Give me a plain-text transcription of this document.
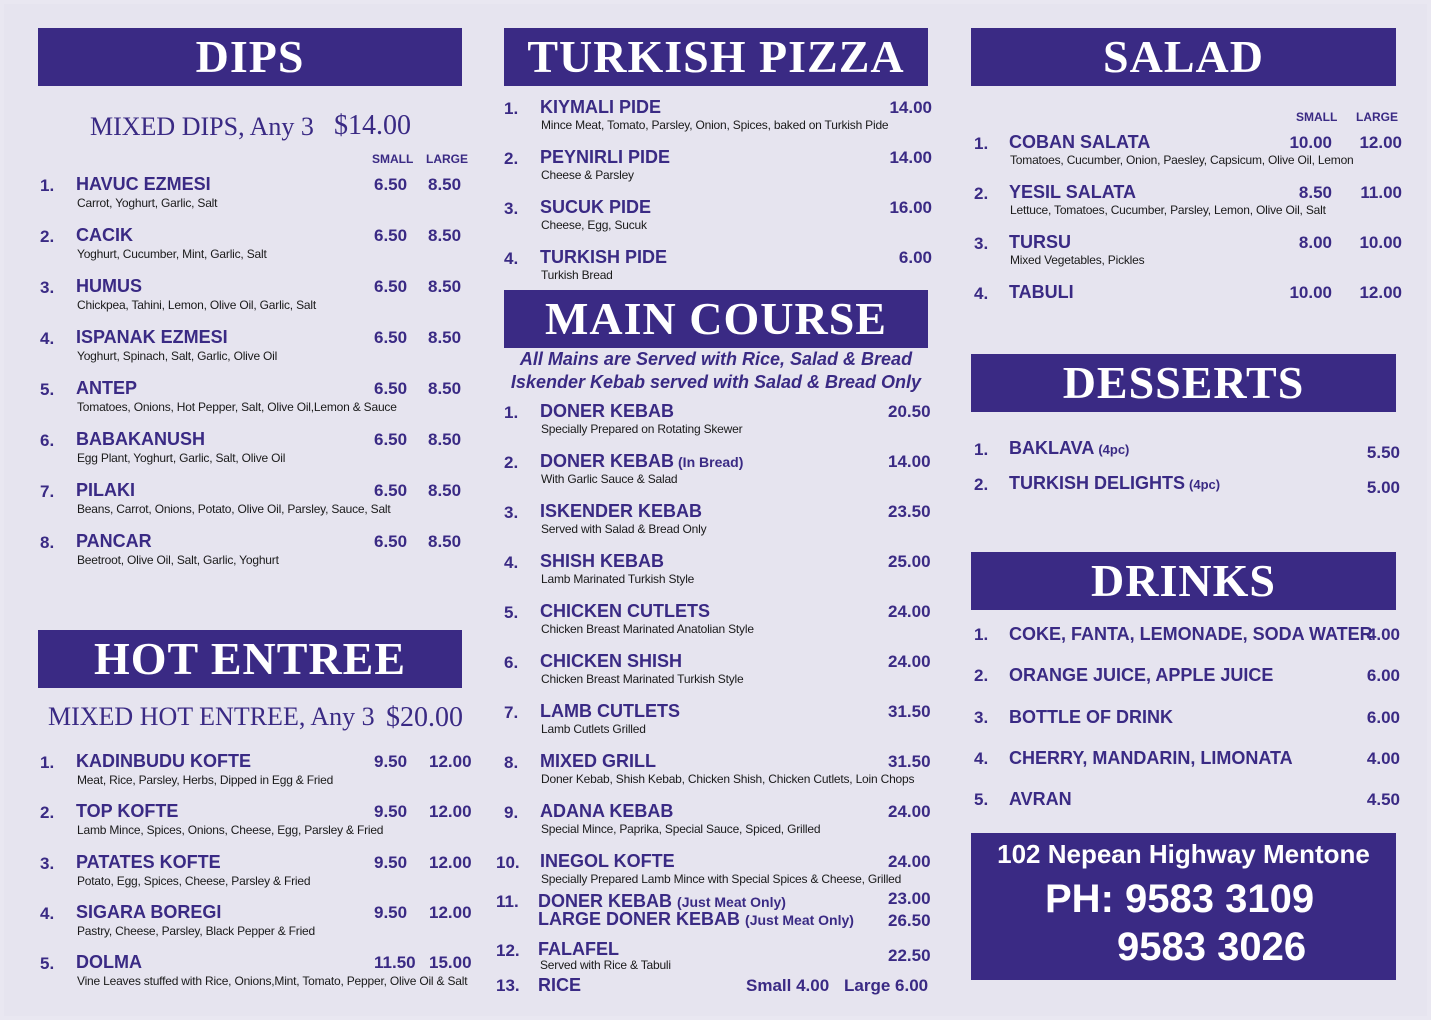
DIPS
MIXED DIPS, Any 3 $14.00
SMALL LARGE
1. HAVUC EZMESI
Carrot, Yoghurt, Garlic, Salt
6.50 8.50
2. CACIK
Yoghurt, Cucumber, Mint, Garlic, Salt
6.50 8.50
3. HUMUS
Chickpea, Tahini, Lemon, Olive Oil, Garlic, Salt
6.50 8.50
4. ISPANAK EZMESI
Yoghurt, Spinach, Salt, Garlic, Olive Oil
6.50 8.50
5. ANTEP
Tomatoes, Onions, Hot Pepper, Salt, Olive Oil,Lemon & Sauce
6.50 8.50
6. BABAKANUSH
Egg Plant, Yoghurt, Garlic, Salt, Olive Oil
6.50 8.50
7. PILAKI
Beans, Carrot, Onions, Potato, Olive Oil, Parsley, Sauce, Salt
6.50 8.50
8. PANCAR
Beetroot, Olive Oil, Salt, Garlic, Yoghurt
6.50 8.50
HOT ENTREE
MIXED HOT ENTREE, Any 3 $20.00
1. KADINBUDU KOFTE
Meat, Rice, Parsley, Herbs, Dipped in Egg & Fried
9.50 12.00
2. TOP KOFTE
Lamb Mince, Spices, Onions, Cheese, Egg, Parsley & Fried
9.50 12.00
3. PATATES KOFTE
Potato, Egg, Spices, Cheese, Parsley & Fried
9.50 12.00
4. SIGARA BOREGI
Pastry, Cheese, Parsley, Black Pepper & Fried
9.50 12.00
5. DOLMA
Vine Leaves stuffed with Rice, Onions,Mint, Tomato, Pepper, Olive Oil & Salt
11.50 15.00
TURKISH PIZZA
1. KIYMALI PIDE
Mince Meat, Tomato, Parsley, Onion, Spices, baked on Turkish Pide
14.00
2. PEYNIRLI PIDE
Cheese & Parsley
14.00
3. SUCUK PIDE
Cheese, Egg, Sucuk
16.00
4. TURKISH PIDE
Turkish Bread
6.00
MAIN COURSE
All Mains are Served with Rice, Salad & Bread
Iskender Kebab served with Salad & Bread Only
1. DONER KEBAB
Specially Prepared on Rotating Skewer
20.50
2. DONER KEBAB (In Bread)
With Garlic Sauce & Salad
14.00
3. ISKENDER KEBAB
Served with Salad & Bread Only
23.50
4. SHISH KEBAB
Lamb Marinated Turkish Style
25.00
5. CHICKEN CUTLETS
Chicken Breast Marinated Anatolian Style
24.00
6. CHICKEN SHISH
Chicken Breast Marinated Turkish Style
24.00
7. LAMB CUTLETS
Lamb Cutlets Grilled
31.50
8. MIXED GRILL
Doner Kebab, Shish Kebab, Chicken Shish, Chicken Cutlets, Loin Chops
31.50
9. ADANA KEBAB
Special Mince, Paprika, Special Sauce, Spiced, Grilled
24.00
10. INEGOL KOFTE
Specially Prepared Lamb Mince with Special Spices & Cheese, Grilled
24.00
11. DONER KEBAB (Just Meat Only)	23.00
LARGE DONER KEBAB (Just Meat Only) 26.50
12. FALAFEL
Served with Rice & Tabuli	22.50
13. RICE	Small 4.00 Large 6.00
SALAD
SMALL LARGE
1. COBAN SALATA
Tomatoes, Cucumber, Onion, Paesley, Capsicum, Olive Oil, Lemon
10.00	12.00
2. YESIL SALATA
Lettuce, Tomatoes, Cucumber, Parsley, Lemon, Olive Oil, Salt
8.50	11.00
3. TURSU
Mixed Vegetables, Pickles
8.00	10.00
4. TABULI	10.00	12.00
DESSERTS
1. BAKLAVA (4pc)	5.50
2. TURKISH DELIGHTS (4pc)	5.00
DRINKS
1. COKE, FANTA, LEMONADE, SODA WATER
4.00
2. ORANGE JUICE, APPLE JUICE	6.00
3. BOTTLE OF DRINK	6.00
4. CHERRY, MANDARIN, LIMONATA	4.00
5. AVRAN	4.50
102 Nepean Highway Mentone
PH: 9583 3109
9583 3026
